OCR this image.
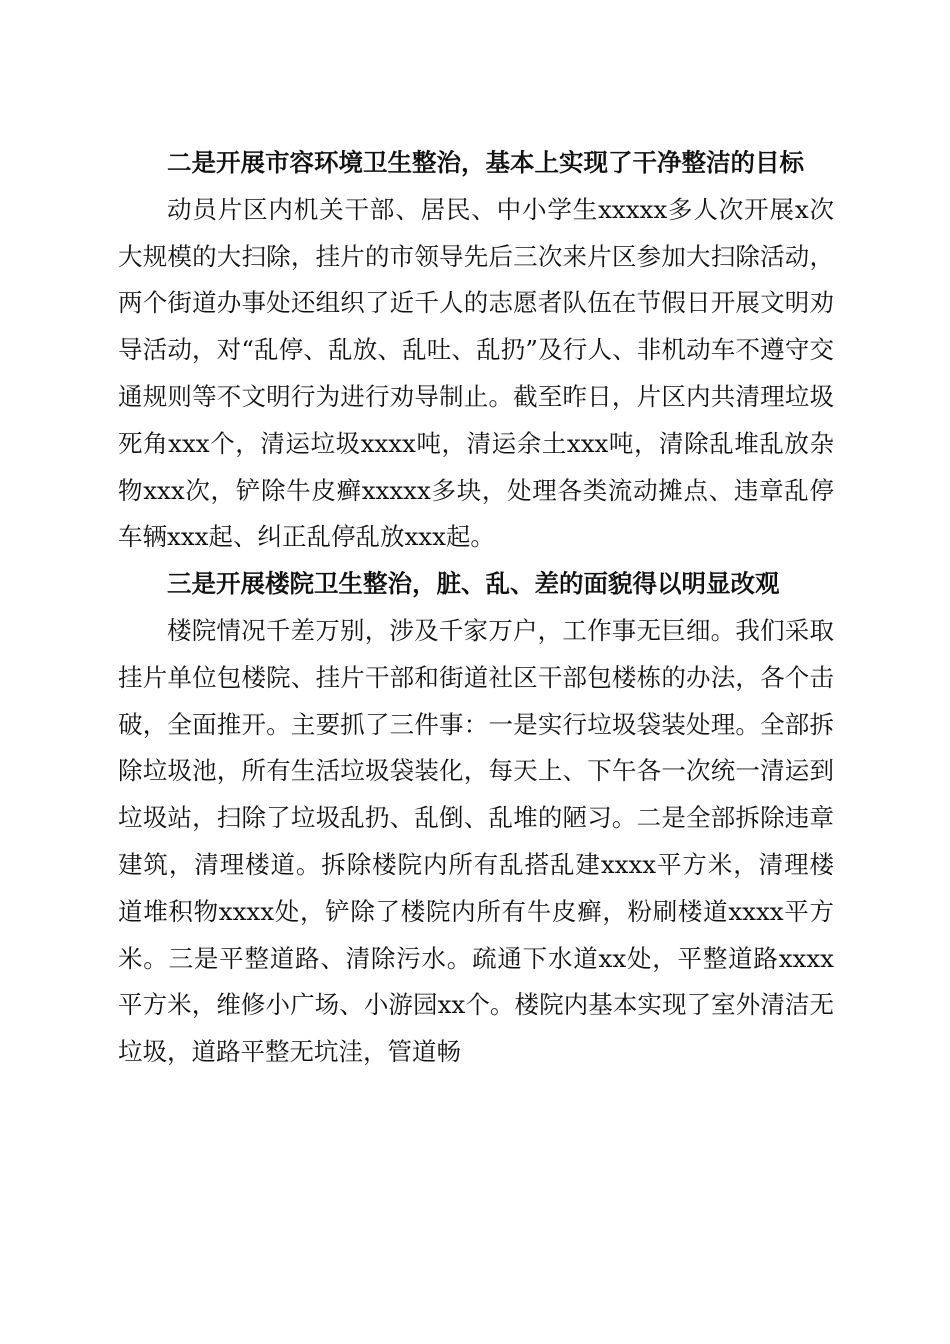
二是开展市容环境卫生整治，基本上实现了干净整洁的目标

动员片区内机关干部、居民、中小学生xxxxx多人次开展x次大规模的大扫除，挂片的市领导先后三次来片区参加大扫除活动，两个街道办事处还组织了近千人的志愿者队伍在节假日开展文明劝导活动，对“乱停、乱放、乱吐、乱扔”及行人、非机动车不遵守交通规则等不文明行为进行劝导制止。截至昨日，片区内共清理垃圾死角xxx个，清运垃圾xxxx吨，清运余土xxx吨，清除乱堆乱放杂物xxx次，铲除牛皮癣xxxxx多块，处理各类流动摊点、违章乱停车辆xxx起、纠正乱停乱放xxx起。

三是开展楼院卫生整治，脏、乱、差的面貌得以明显改观

楼院情况千差万别，涉及千家万户，工作事无巨细。我们采取挂片单位包楼院、挂片干部和街道社区干部包楼栋的办法，各个击破，全面推开。主要抓了三件事：一是实行垃圾袋装处理。全部拆除垃圾池，所有生活垃圾袋装化，每天上、下午各一次统一清运到垃圾站，扫除了垃圾乱扔、乱倒、乱堆的陋习。二是全部拆除违章建筑，清理楼道。拆除楼院内所有乱搭乱建xxxx平方米，清理楼道堆积物xxxx处，铲除了楼院内所有牛皮癣，粉刷楼道xxxx平方米。三是平整道路、清除污水。疏通下水道xx处，平整道路xxxx平方米，维修小广场、小游园xx个。楼院内基本实现了室外清洁无垃圾，道路平整无坑洼，管道畅
